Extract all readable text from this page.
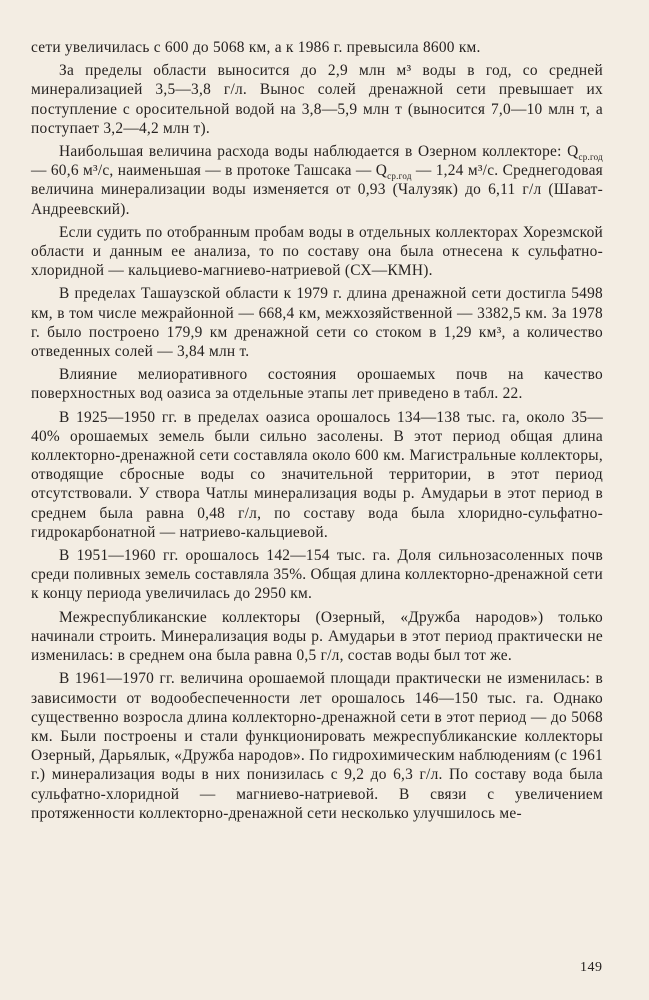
сети увеличилась с 600 до 5068 км, а к 1986 г. превысила 8600 км.

За пределы области выносится до 2,9 млн м³ воды в год, со средней минерализацией 3,5—3,8 г/л. Вынос солей дренажной сети превышает их поступление с оросительной водой на 3,8—5,9 млн т (выносится 7,0—10 млн т, а поступает 3,2—4,2 млн т).

Наибольшая величина расхода воды наблюдается в Озерном коллекторе: $Q_{ср.год}$ — 60,6 м³/с, наименьшая — в протоке Ташсака — $Q_{ср.год}$ — 1,24 м³/с. Среднегодовая величина минерализации воды изменяется от 0,93 (Чалузяк) до 6,11 г/л (Шават-Андреевский).

Если судить по отобранным пробам воды в отдельных коллекторах Хорезмской области и данным ее анализа, то по составу она была отнесена к сульфатно-хлоридной — кальциево-магниево-натриевой (СХ—КМН).

В пределах Ташаузской области к 1979 г. длина дренажной сети достигла 5498 км, в том числе межрайонной — 668,4 км, межхозяйственной — 3382,5 км. За 1978 г. было построено 179,9 км дренажной сети со стоком в 1,29 км³, а количество отведенных солей — 3,84 млн т.

Влияние мелиоративного состояния орошаемых почв на качество поверхностных вод оазиса за отдельные этапы лет приведено в табл. 22.

В 1925—1950 гг. в пределах оазиса орошалось 134—138 тыс. га, около 35—40% орошаемых земель были сильно засолены. В этот период общая длина коллекторно-дренажной сети составляла около 600 км. Магистральные коллекторы, отводящие сбросные воды со значительной территории, в этот период отсутствовали. У створа Чатлы минерализация воды р. Амударьи в этот период в среднем была равна 0,48 г/л, по составу вода была хлоридно-сульфатно-гидрокарбонатной — натриево-кальциевой.

В 1951—1960 гг. орошалось 142—154 тыс. га. Доля сильнозасоленных почв среди поливных земель составляла 35%. Общая длина коллекторно-дренажной сети к концу периода увеличилась до 2950 км.

Межреспубликанские коллекторы (Озерный, «Дружба народов») только начинали строить. Минерализация воды р. Амударьи в этот период практически не изменилась: в среднем она была равна 0,5 г/л, состав воды был тот же.

В 1961—1970 гг. величина орошаемой площади практически не изменилась: в зависимости от водообеспеченности лет орошалось 146—150 тыс. га. Однако существенно возросла длина коллекторно-дренажной сети в этот период — до 5068 км. Были построены и стали функционировать межреспубликанские коллекторы Озерный, Дарьялык, «Дружба народов». По гидрохимическим наблюдениям (с 1961 г.) минерализация воды в них понизилась с 9,2 до 6,3 г/л. По составу вода была сульфатно-хлоридной — магниево-натриевой. В связи с увеличением протяженности коллекторно-дренажной сети несколько улучшилось ме-

149
